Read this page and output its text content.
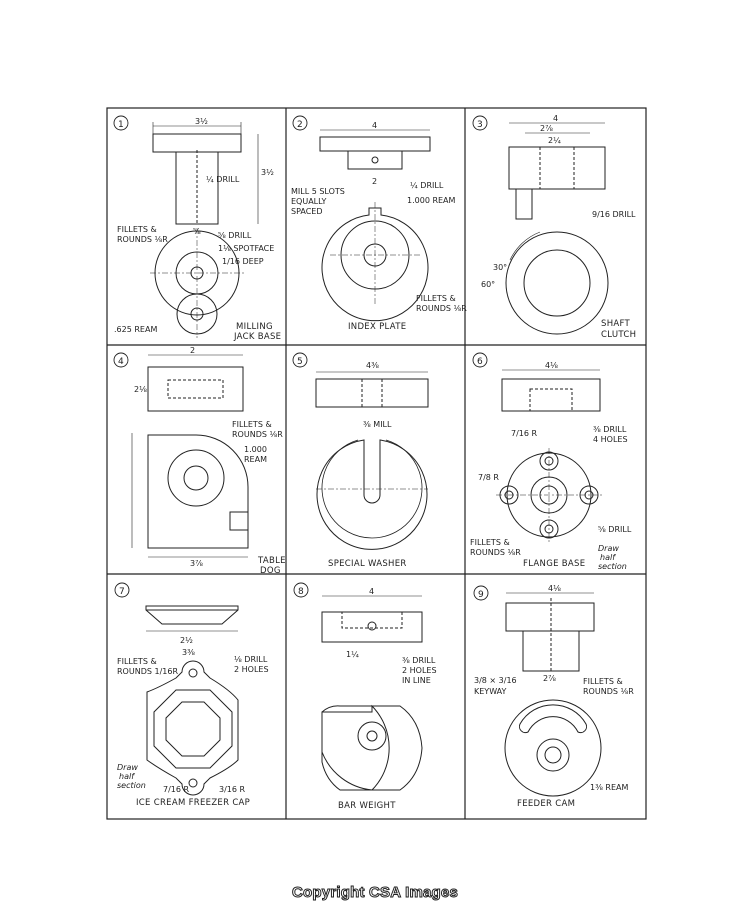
1	3½
¼ DRILL
3½
⅝
FILLETS &
ROUNDS ⅛R	⅝ DRILL
1⅛ SPOTFACE
1/16 DEEP
.625 REAM	MILLING
JACK BASE
2	4
¼ DRILL
MILL 5 SLOTS
EQUALLY
SPACED
1.000 REAM
FILLETS &
ROUNDS ⅛R
2
INDEX PLATE
3
4
2⅞
2¼
9/16 DRILL
30°
60°
SHAFT
CLUTCH
4
2
2⅛
FILLETS &
ROUNDS ⅛R
1.000
REAM
3⅞	TABLE
DOG
5	4⅜
⅜ MILL
SPECIAL WASHER
6	4⅛
⅜ DRILL
4 HOLES
7/16 R
7/8 R
⅝ DRILL
FILLETS &
ROUNDS ⅛R
FLANGE BASE
Draw
half
section
7
2½
3⅜
FILLETS &
ROUNDS 1/16R
⅛ DRILL
2 HOLES
7/16 R	3/16 R
Draw
half
section
ICE CREAM FREEZER CAP
8	4
⅜ DRILL
2 HOLES
IN LINE
1¼
BAR WEIGHT
9
4⅛
2⅞
3/8 × 3/16
KEYWAY
FILLETS &
ROUNDS ⅛R
1⅜ REAM
FEEDER CAM
Copyright CSA Images
